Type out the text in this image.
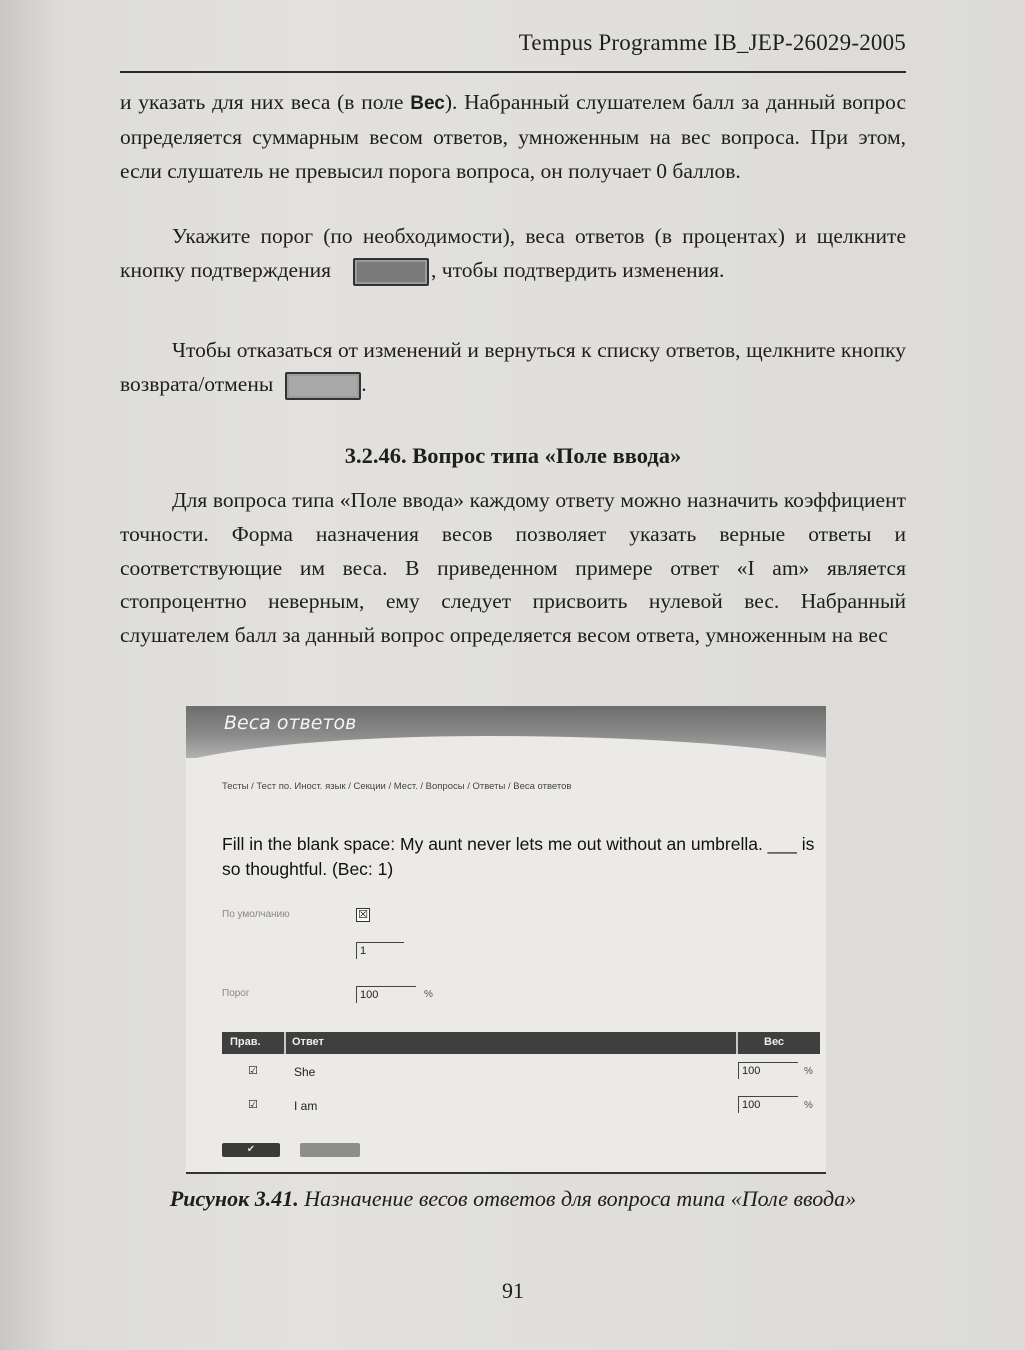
Tempus Programme IB_JEP-26029-2005

и указать для них веса (в поле Вес). Набранный слушателем балл за данный вопрос определяется суммарным весом ответов, умноженным на вес вопроса. При этом, если слушатель не превысил порога вопроса, он получает 0 баллов.

Укажите порог (по необходимости), веса ответов (в процентах) и щелкните кнопку подтверждения	, чтобы подтвердить изменения.

Чтобы отказаться от изменений и вернуться к списку ответов, щелкните кнопку возврата/отмены	.

3.2.46. Вопрос типа «Поле ввода»

Для вопроса типа «Поле ввода» каждому ответу можно назначить коэффициент точности. Форма назначения весов позволяет указать верные ответы и соответствующие им веса. В приведенном примере ответ «I am» является стопроцентно неверным, ему следует присвоить нулевой вес. Набранный слушателем балл за данный вопрос определяется весом ответа, умноженным на вес

Веса ответов
Тесты / Тест по. Иност. язык / Секции / Мест. / Вопросы / Ответы / Веса ответов
Fill in the blank space: My aunt never lets me out without an umbrella. ___ is so thoughtful. (Вес: 1)
По умолчанию	☒
1
Порог	100	%
Прав.	Ответ	Вес
☑	She	100	%
☑	I am	100	%
✔
Рисунок 3.41. Назначение весов ответов для вопроса типа «Поле ввода»
91
